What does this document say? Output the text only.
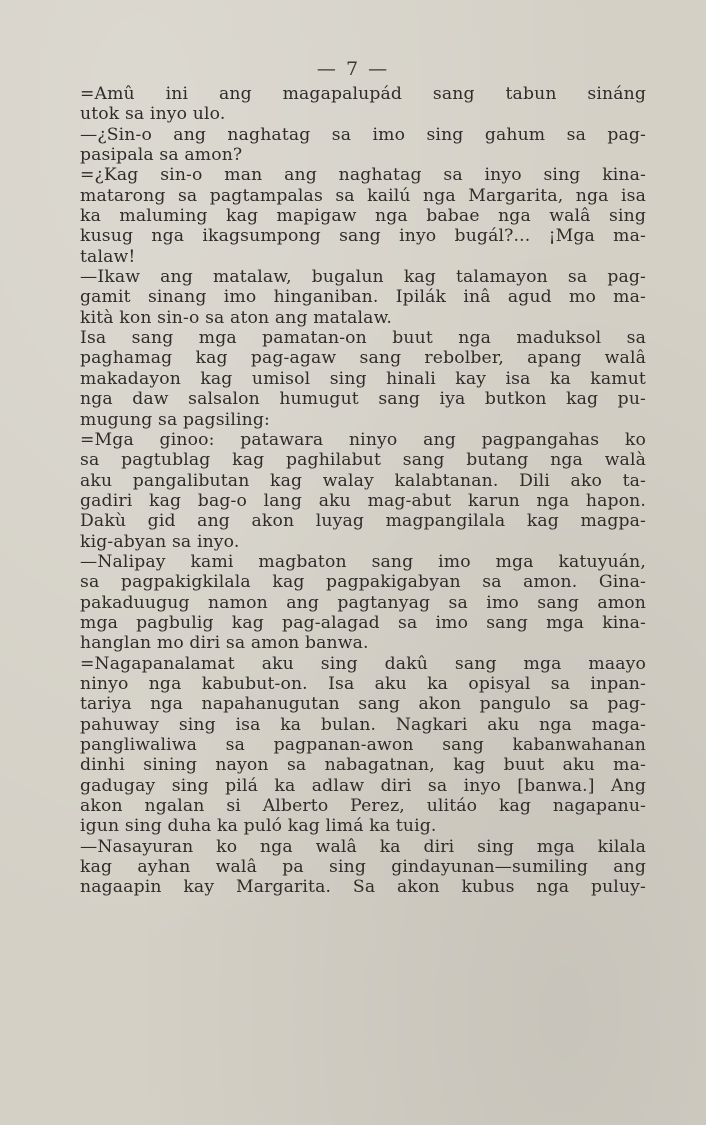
— 7 —
=Amû ini ang magapalupád sang tabun sináng
utok sa inyo ulo.
—¿Sin-o ang naghatag sa imo sing gahum sa pag-
pasipala sa amon?
=¿Kag sin-o man ang naghatag sa inyo sing kina-
matarong sa pagtampalas sa kailú nga Margarita, nga isa
ka maluming kag mapigaw nga babae nga walâ sing
kusug nga ikagsumpong sang inyo bugál?... ¡Mga ma-
talaw!
—Ikaw ang matalaw, bugalun kag talamayon sa pag-
gamit sinang imo hinganiban. Ipilák inâ agud mo ma-
kità kon sin-o sa aton ang matalaw.
Isa sang mga pamatan-on buut nga maduksol sa
paghamag kag pag-agaw sang rebolber, apang walâ
makadayon kag umisol sing hinali kay isa ka kamut
nga daw salsalon humugut sang iya butkon kag pu-
mugung sa pagsiling:
=Mga ginoo: patawara ninyo ang pagpangahas ko
sa pagtublag kag paghilabut sang butang nga walà
aku pangalibutan kag walay kalabtanan. Dili ako ta-
gadiri kag bag-o lang aku mag-abut karun nga hapon.
Dakù gid ang akon luyag magpangilala kag magpa-
kig-abyan sa inyo.
—Nalipay kami magbaton sang imo mga katuyuán,
sa pagpakigkilala kag pagpakigabyan sa amon. Gina-
pakaduugug namon ang pagtanyag sa imo sang amon
mga pagbulig kag pag-alagad sa imo sang mga kina-
hanglan mo diri sa amon banwa.
=Nagapanalamat aku sing dakû sang mga maayo
ninyo nga kabubut-on. Isa aku ka opisyal sa inpan-
tariya nga napahanugutan sang akon pangulo sa pag-
pahuway sing isa ka bulan. Nagkari aku nga maga-
pangliwaliwa sa pagpanan-awon sang kabanwahanan
dinhi sining nayon sa nabagatnan, kag buut aku ma-
gadugay sing pilá ka adlaw diri sa inyo [banwa.] Ang
akon ngalan si Alberto Perez, ulitáo kag nagapanu-
igun sing duha ka puló kag limá ka tuig.
—Nasayuran ko nga walâ ka diri sing mga kilala
kag ayhan walâ pa sing gindayunan—sumiling ang
nagaapin kay Margarita. Sa akon kubus nga puluy-
